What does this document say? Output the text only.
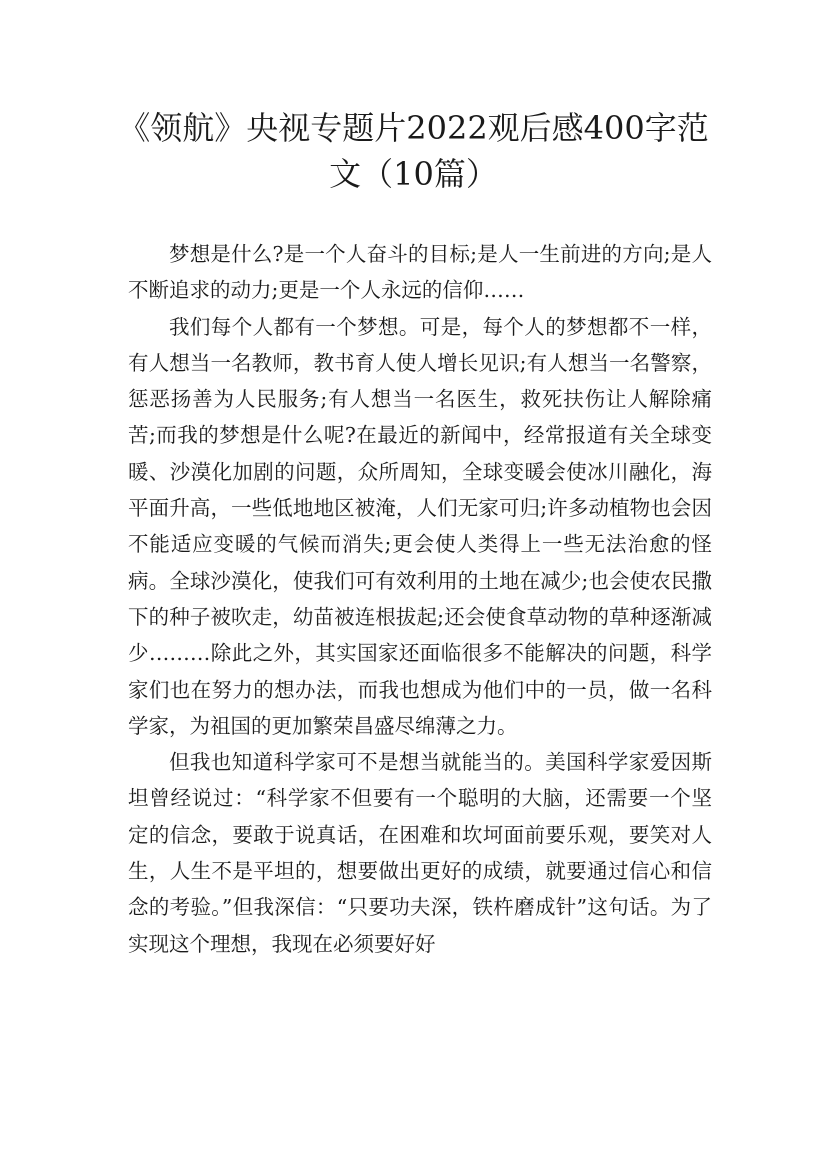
《领航》央视专题片2022观后感400字范文（10篇）

梦想是什么?是一个人奋斗的目标;是人一生前进的方向;是人不断追求的动力;更是一个人永远的信仰……

我们每个人都有一个梦想。可是，每个人的梦想都不一样，有人想当一名教师，教书育人使人增长见识;有人想当一名警察，惩恶扬善为人民服务;有人想当一名医生，救死扶伤让人解除痛苦;而我的梦想是什么呢?在最近的新闻中，经常报道有关全球变暖、沙漠化加剧的问题，众所周知，全球变暖会使冰川融化，海平面升高，一些低地地区被淹，人们无家可归;许多动植物也会因不能适应变暖的气候而消失;更会使人类得上一些无法治愈的怪病。全球沙漠化，使我们可有效利用的土地在减少;也会使农民撒下的种子被吹走，幼苗被连根拔起;还会使食草动物的草种逐渐减少………除此之外，其实国家还面临很多不能解决的问题，科学家们也在努力的想办法，而我也想成为他们中的一员，做一名科学家，为祖国的更加繁荣昌盛尽绵薄之力。

但我也知道科学家可不是想当就能当的。美国科学家爱因斯坦曾经说过：“科学家不但要有一个聪明的大脑，还需要一个坚定的信念，要敢于说真话，在困难和坎坷面前要乐观，要笑对人生，人生不是平坦的，想要做出更好的成绩，就要通过信心和信念的考验。”但我深信：“只要功夫深，铁杵磨成针”这句话。为了实现这个理想，我现在必须要好好
